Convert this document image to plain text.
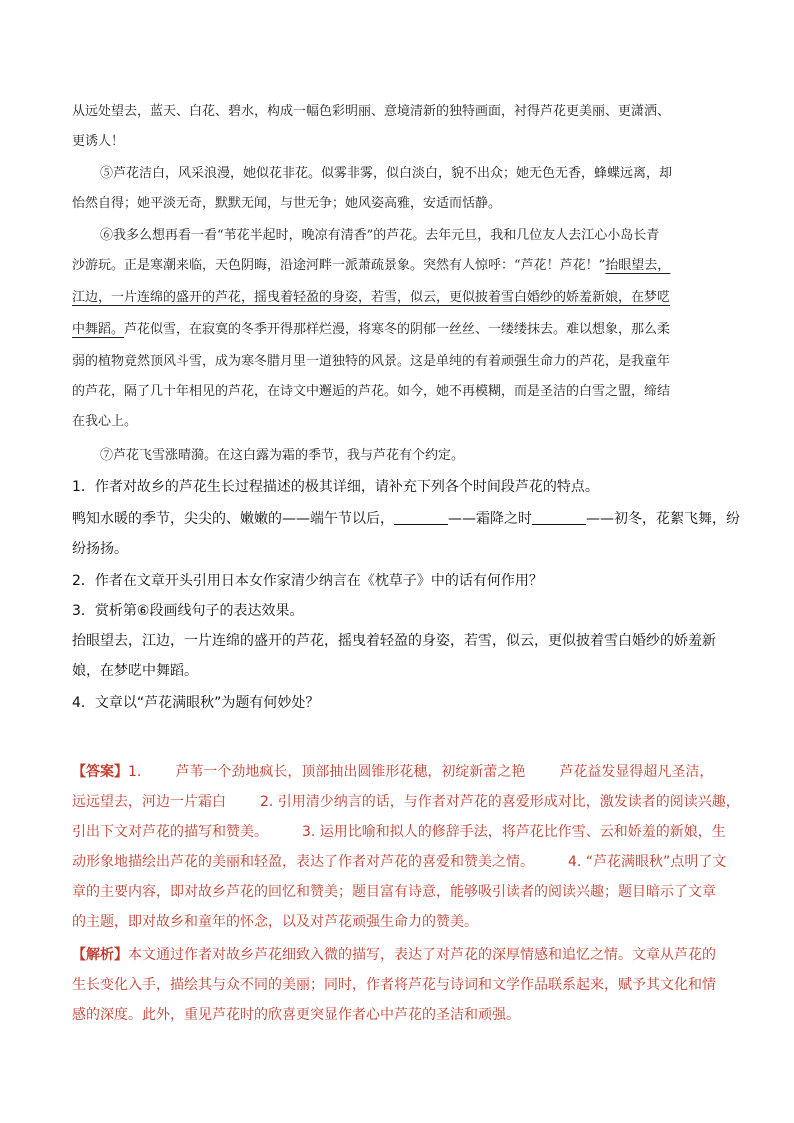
从远处望去，蓝天、白花、碧水，构成一幅色彩明丽、意境清新的独特画面，衬得芦花更美丽、更潇洒、
更诱人！
⑤芦花洁白，风采浪漫，她似花非花。似雾非雾，似白淡白，貌不出众；她无色无香，蜂蝶远离，却
怡然自得；她平淡无奇，默默无闻，与世无争；她风姿高雅，安适而恬静。
⑥我多么想再看一看“苇花半起时，晚凉有清香”的芦花。去年元旦，我和几位友人去江心小岛长青
沙游玩。正是寒潮来临，天色阴晦，沿途河畔一派萧疏景象。突然有人惊呼：“芦花！芦花！”抬眼望去，
江边，一片连绵的盛开的芦花，摇曳着轻盈的身姿，若雪，似云，更似披着雪白婚纱的娇羞新娘，在梦呓
中舞蹈。芦花似雪，在寂寞的冬季开得那样烂漫，将寒冬的阴郁一丝丝、一缕缕抹去。难以想象，那么柔
弱的植物竟然顶风斗雪，成为寒冬腊月里一道独特的风景。这是单纯的有着顽强生命力的芦花，是我童年
的芦花，隔了几十年相见的芦花，在诗文中邂逅的芦花。如今，她不再模糊，而是圣洁的白雪之盟，缔结
在我心上。
⑦芦花飞雪涨晴漪。在这白露为霜的季节，我与芦花有个约定。
1．作者对故乡的芦花生长过程描述的极其详细，请补充下列各个时间段芦花的特点。
鸭知水暖的季节，尖尖的、嫩嫩的——端午节以后，	——霜降之时	——初冬，花絮飞舞，纷
纷扬扬。
2．作者在文章开头引用日本女作家清少纳言在《枕草子》中的话有何作用？
3．赏析第⑥段画线句子的表达效果。
抬眼望去，江边，一片连绵的盛开的芦花，摇曳着轻盈的身姿，若雪，似云，更似披着雪白婚纱的娇羞新
娘，在梦呓中舞蹈。
4．文章以“芦花满眼秋”为题有何妙处？
【答案】1. 芦苇一个劲地疯长，顶部抽出圆锥形花穗，初绽新蕾之艳 芦花益发显得超凡圣洁，
远远望去，河边一片霜白 2. 引用清少纳言的话，与作者对芦花的喜爱形成对比，激发读者的阅读兴趣，
引出下文对芦花的描写和赞美。 3. 运用比喻和拟人的修辞手法，将芦花比作雪、云和娇羞的新娘，生
动形象地描绘出芦花的美丽和轻盈，表达了作者对芦花的喜爱和赞美之情。 4. “芦花满眼秋”点明了文
章的主要内容，即对故乡芦花的回忆和赞美；题目富有诗意，能够吸引读者的阅读兴趣；题目暗示了文章
的主题，即对故乡和童年的怀念，以及对芦花顽强生命力的赞美。
【解析】本文通过作者对故乡芦花细致入微的描写，表达了对芦花的深厚情感和追忆之情。文章从芦花的
生长变化入手，描绘其与众不同的美丽；同时，作者将芦花与诗词和文学作品联系起来，赋予其文化和情
感的深度。此外，重见芦花时的欣喜更突显作者心中芦花的圣洁和顽强。
